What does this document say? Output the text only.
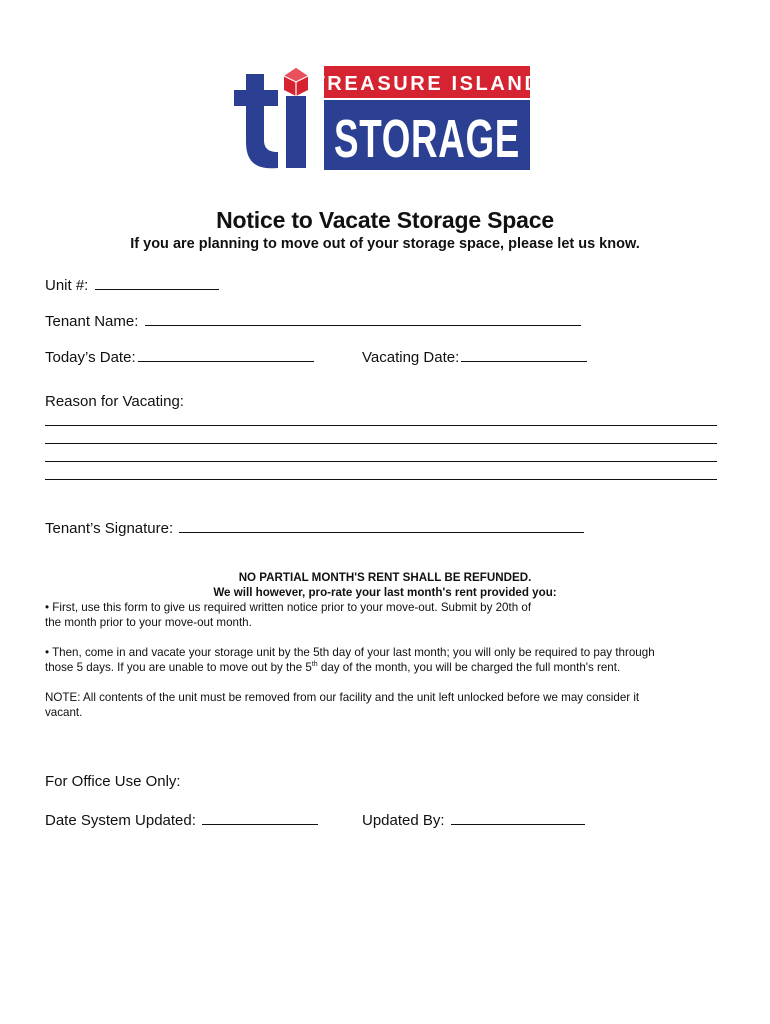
TREASURE ISLAND
STORAGE
Notice to Vacate Storage Space
If you are planning to move out of your storage space, please let us know.
Unit #:
Tenant Name:
Today’s Date:	Vacating Date:
Reason for Vacating:
Tenant’s Signature:
NO PARTIAL MONTH'S RENT SHALL BE REFUNDED.
We will however, pro-rate your last month's rent provided you:
• First, use this form to give us required written notice prior to your move-out. Submit by 20th of
the month prior to your move-out month.
• Then, come in and vacate your storage unit by the 5th day of your last month; you will only be required to pay through
those 5 days. If you are unable to move out by the 5th day of the month, you will be charged the full month's rent.
NOTE: All contents of the unit must be removed from our facility and the unit left unlocked before we may consider it
vacant.
For Office Use Only:
Date System Updated:	Updated By:
